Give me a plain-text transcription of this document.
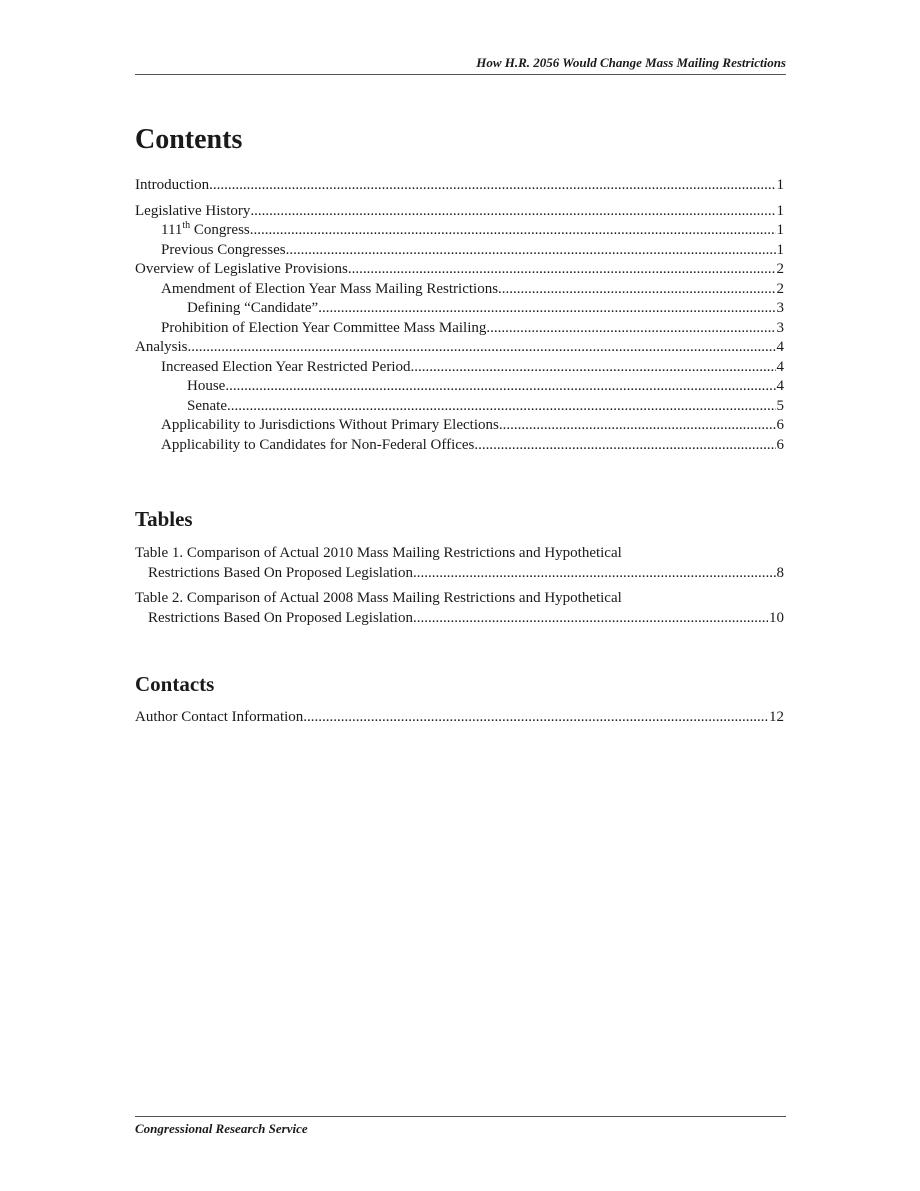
How H.R. 2056 Would Change Mass Mailing Restrictions
Contents
Introduction .....	1
Legislative History .....	1
111th Congress .....	1
Previous Congresses .....	1
Overview of Legislative Provisions .....	2
Amendment of Election Year Mass Mailing Restrictions .....	2
Defining “Candidate” .....	3
Prohibition of Election Year Committee Mass Mailing .....	3
Analysis .....	4
Increased Election Year Restricted Period .....	4
House .....	4
Senate .....	5
Applicability to Jurisdictions Without Primary Elections .....	6
Applicability to Candidates for Non-Federal Offices .....	6
Tables
Table 1. Comparison of Actual 2010 Mass Mailing Restrictions and Hypothetical
Restrictions Based On Proposed Legislation .....	8
Table 2. Comparison of Actual 2008 Mass Mailing Restrictions and Hypothetical
Restrictions Based On Proposed Legislation .....	10
Contacts
Author Contact Information .....	12
Congressional Research Service
